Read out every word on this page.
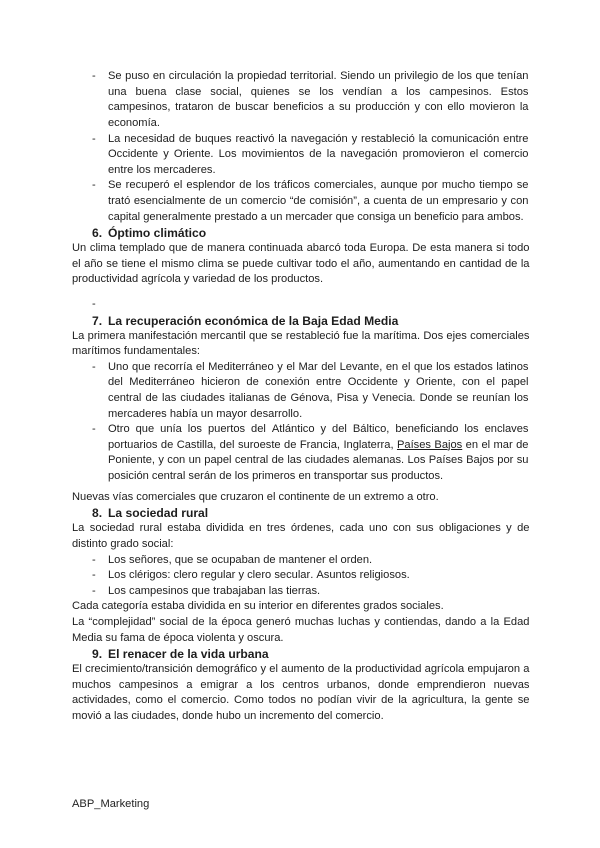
- Se puso en circulación la propiedad territorial. Siendo un privilegio de los que tenían una buena clase social, quienes se los vendían a los campesinos. Estos campesinos, trataron de buscar beneficios a su producción y con ello movieron la economía.
- La necesidad de buques reactivó la navegación y restableció la comunicación entre Occidente y Oriente. Los movimientos de la navegación promovieron el comercio entre los mercaderes.
- Se recuperó el esplendor de los tráficos comerciales, aunque por mucho tiempo se trató esencialmente de un comercio “de comisión”, a cuenta de un empresario y con capital generalmente prestado a un mercader que consiga un beneficio para ambos.
6. Óptimo climático

Un clima templado que de manera continuada abarcó toda Europa. De esta manera si todo el año se tiene el mismo clima se puede cultivar todo el año, aumentando en cantidad de la productividad agrícola y variedad de los productos.

-

7. La recuperación económica de la Baja Edad Media

La primera manifestación mercantil que se restableció fue la marítima. Dos ejes comerciales marítimos fundamentales:

- Uno que recorría el Mediterráneo y el Mar del Levante, en el que los estados latinos del Mediterráneo hicieron de conexión entre Occidente y Oriente, con el papel central de las ciudades italianas de Génova, Pisa y Venecia. Donde se reunían los mercaderes había un mayor desarrollo.
- Otro que unía los puertos del Atlántico y del Báltico, beneficiando los enclaves portuarios de Castilla, del suroeste de Francia, Inglaterra, Países Bajos en el mar de Poniente, y con un papel central de las ciudades alemanas. Los Países Bajos por su posición central serán de los primeros en transportar sus productos.

Nuevas vías comerciales que cruzaron el continente de un extremo a otro.

8. La sociedad rural

La sociedad rural estaba dividida en tres órdenes, cada uno con sus obligaciones y de distinto grado social:

- Los señores, que se ocupaban de mantener el orden.
- Los clérigos: clero regular y clero secular. Asuntos religiosos.
- Los campesinos que trabajaban las tierras.

Cada categoría estaba dividida en su interior en diferentes grados sociales.

La “complejidad” social de la época generó muchas luchas y contiendas, dando a la Edad Media su fama de época violenta y oscura.

9. El renacer de la vida urbana

El crecimiento/transición demográfico y el aumento de la productividad agrícola empujaron a muchos campesinos a emigrar a los centros urbanos, donde emprendieron nuevas actividades, como el comercio. Como todos no podían vivir de la agricultura, la gente se movió a las ciudades, donde hubo un incremento del comercio.

ABP_Marketing
